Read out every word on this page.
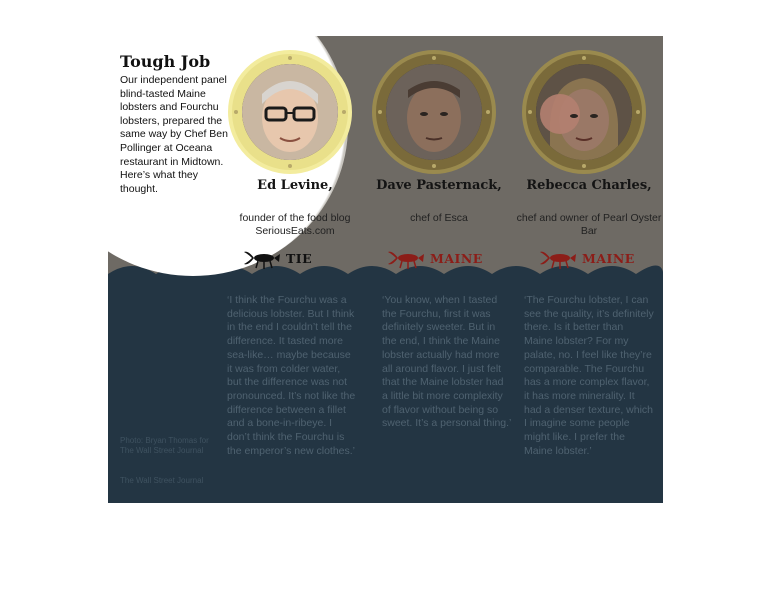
Tough Job

Our independent panel blind-tasted Maine lobsters and Fourchu lobsters, prepared the same way by Chef Ben Pollinger at Oceana restaurant in Midtown. Here’s what they thought.	Ed Levine,
founder of the food blog SeriousEats.com
Dave Pasternack,
chef of Esca
Rebecca Charles,
chef and owner of Pearl Oyster Bar
TIE	MAINE	MAINE

‘I think the Fourchu was a delicious lobster. But I think in the end I couldn’t tell the difference. It tasted more sea-like… maybe because it was from colder water, but the difference was not pronounced. It’s not like the difference between a fillet and a bone-in-ribeye. I don’t think the Fourchu is the emperor’s new clothes.’

‘You know, when I tasted the Fourchu, first it was definitely sweeter. But in the end, I think the Maine lobster actually had more all around flavor. I just felt that the Maine lobster had a little bit more complexity of flavor without being so sweet. It’s a personal thing.’

‘The Fourchu lobster, I can see the quality, it’s definitely there. Is it better than Maine lobster? For my palate, no. I feel like they’re comparable. The Fourchu has a more complex flavor, it has more minerality. It had a denser texture, which I imagine some people might like. I prefer the Maine lobster.’

Photo: Bryan Thomas for The Wall Street Journal
The Wall Street Journal
